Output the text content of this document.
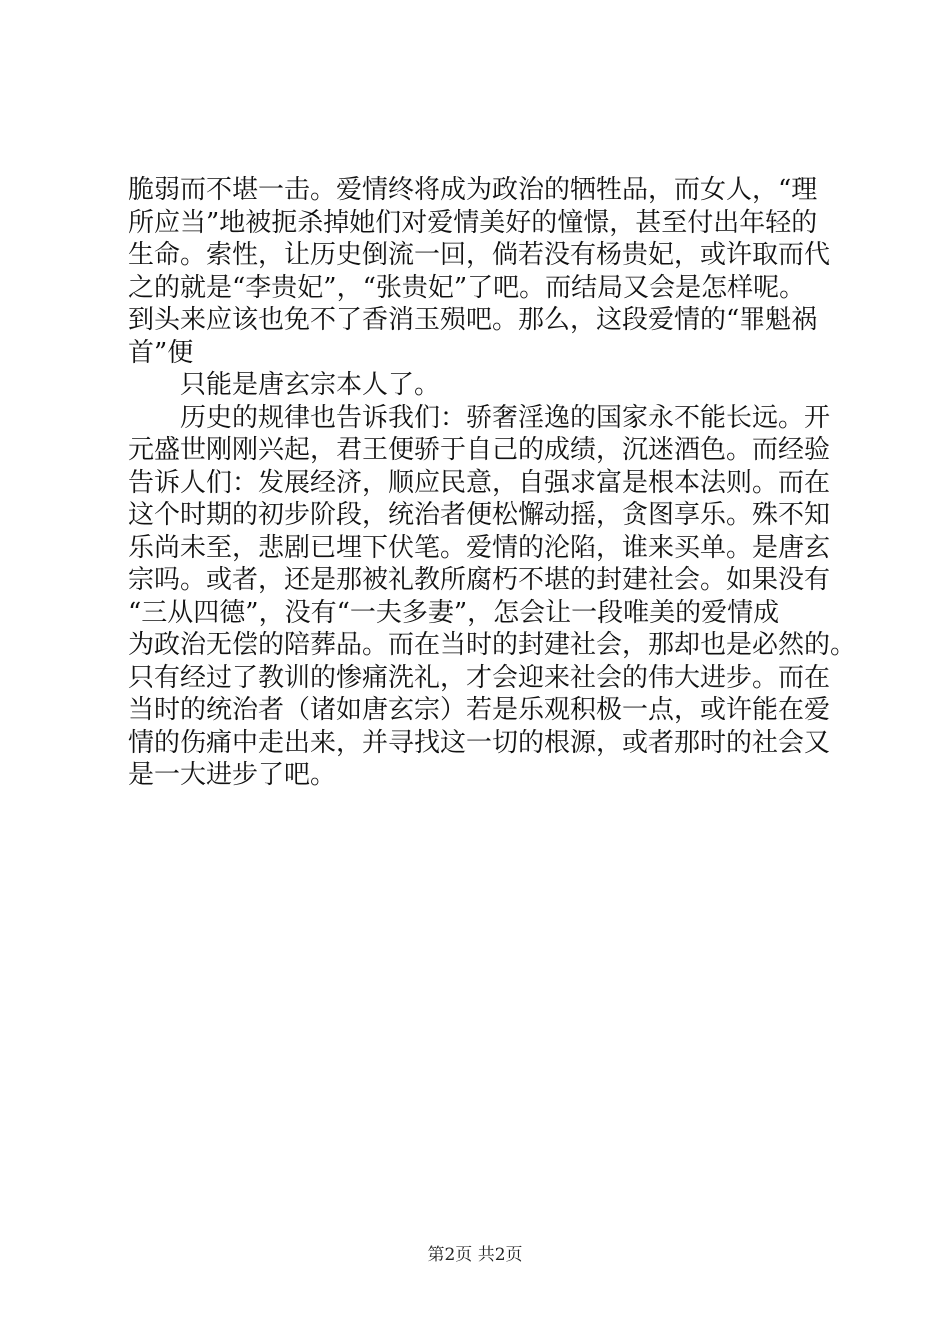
脆弱而不堪一击。爱情终将成为政治的牺牲品，而女人，“理
所应当”地被扼杀掉她们对爱情美好的憧憬，甚至付出年轻的
生命。索性，让历史倒流一回，倘若没有杨贵妃，或许取而代
之的就是“李贵妃”，“张贵妃”了吧。而结局又会是怎样呢。
到头来应该也免不了香消玉殒吧。那么，这段爱情的“罪魁祸
首”便
只能是唐玄宗本人了。
历史的规律也告诉我们：骄奢淫逸的国家永不能长远。开
元盛世刚刚兴起，君王便骄于自己的成绩，沉迷酒色。而经验
告诉人们：发展经济，顺应民意，自强求富是根本法则。而在
这个时期的初步阶段，统治者便松懈动摇，贪图享乐。殊不知
乐尚未至，悲剧已埋下伏笔。爱情的沦陷，谁来买单。是唐玄
宗吗。或者，还是那被礼教所腐朽不堪的封建社会。如果没有
“三从四德”，没有“一夫多妻”，怎会让一段唯美的爱情成
为政治无偿的陪葬品。而在当时的封建社会，那却也是必然的。
只有经过了教训的惨痛洗礼，才会迎来社会的伟大进步。而在
当时的统治者（诸如唐玄宗）若是乐观积极一点，或许能在爱
情的伤痛中走出来，并寻找这一切的根源，或者那时的社会又
是一大进步了吧。
第2页 共2页
